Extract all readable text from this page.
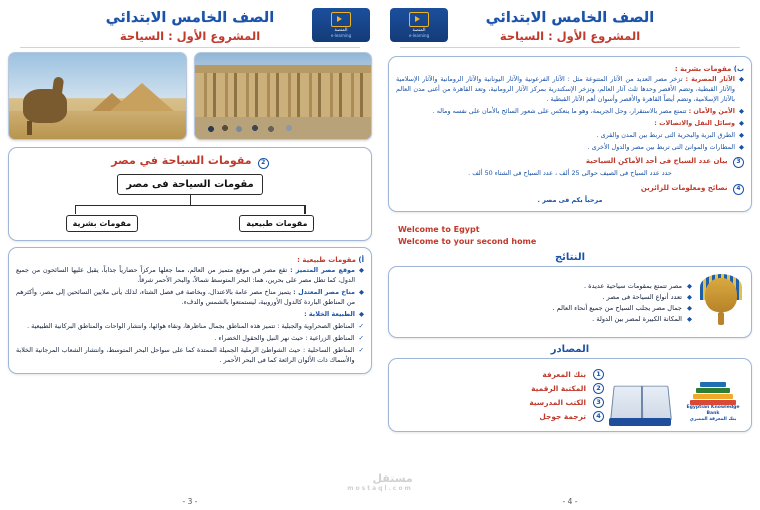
المنصة
e-learning
الصف الخامس الابتدائي
المشروع الأول : السياحة
2 مقومات السياحة في مصر
مقومات السياحة فى مصر
مقومات طبيعية
مقومات بشرية
أ) مقومات طبيعية :
◆
موقع مصر المتميز : تقع مصر فى موقع متميز من العالم، مما جعلها مركزاً حضارياً جذاباً، يقبل عليها السائحون من جميع الدول، كما تطل مصر على بحرين، هما: البحر المتوسط شمالاً، والبحر الأحمر شرقاً.
◆
مناخ مصر المعتدل : يتميز مناخ مصر عامة بالاعتدال، وبخاصة فى فصل الشتاء، لذلك يأتى ملايين السائحين إلى مصر، وأكثرهم من المناطق الباردة كالدول الأوروبية، ليستمتعوا بالشمس والدفء.
◆
الطبيعة الخلابة :
✓
المناطق الصحراوية والجبلية : تتميز هذه المناطق بجمال مناظرها، ونقاء هوائها، وانتشار الواحات والمناطق البركانية الطبيعية .
✓
المناطق الزراعية : حيث نهر النيل والحقول الخضراء .
✓
المناطق الساحلية : حيث الشواطئ الرملية الجميلة الممتدة كما على سواحل البحر المتوسط، وانتشار الشعاب المرجانية الخلابة والأسماك ذات الألوان الرائعة كما فى البحر الأحمر .
- 3 -
المنصة
e-learning
الصف الخامس الابتدائي
المشروع الأول : السياحة
ب) مقومات بشرية :
◆
الآثار المصرية : تزخر مصر العديد من الآثار المتنوعة مثل : الآثار الفرعونية والآثار اليونانية والآثار الرومانية والآثار الإسلامية والآثار القبطية، وتضم الأقصر وحدها ثلث آثار العالم، وتزخر الإسكندرية بمركز الآثار الرومانية، وتعد القاهرة من أغنى مدن العالم بالآثار الإسلامية، وتضم أيضاً القاهرة والأقصر وأسوان أهم الآثار القبطية .
◆
الأمن والأمان : تتمتع مصر بالاستقرار، وحل الجريمة، وهو ما ينعكس على شعور السائح بالأمان على نفسه وماله .
◆
وسائل النقل والاتصالات :
◆
الطرق البرية والبحرية التى تربط بين المدن والقرى .
◆
المطارات والموانئ التى تربط بين مصر والدول الأخرى .
3 بيان عدد السياح فى أحد الأماكن السياحية
حدد عدد السياح فى الصيف حوالى 25 ألف ، عدد السياح فى الشتاء 50 ألف .
4 نصائح ومعلومات للزائرين
مرحباً بكم فى مصر .
Welcome to Egypt
Welcome to your second home
النتائج
◆
مصر تتمتع بمقومات سياحية عديدة .
◆
تعدد أنواع السياحة فى مصر .
◆
جمال مصر يجلب السياح من جميع أنحاء العالم .
◆
المكانة الكبيرة لمصر بين الدولة .
المصادر
Egyptian Knowledge Bank
بنك المعرفة المصري
1
بنك المعرفة
2
المكتبة الرقمية
3
الكتب المدرسية
4
ترجمة جوجل
- 4 -
مستقل
mostaql.com
